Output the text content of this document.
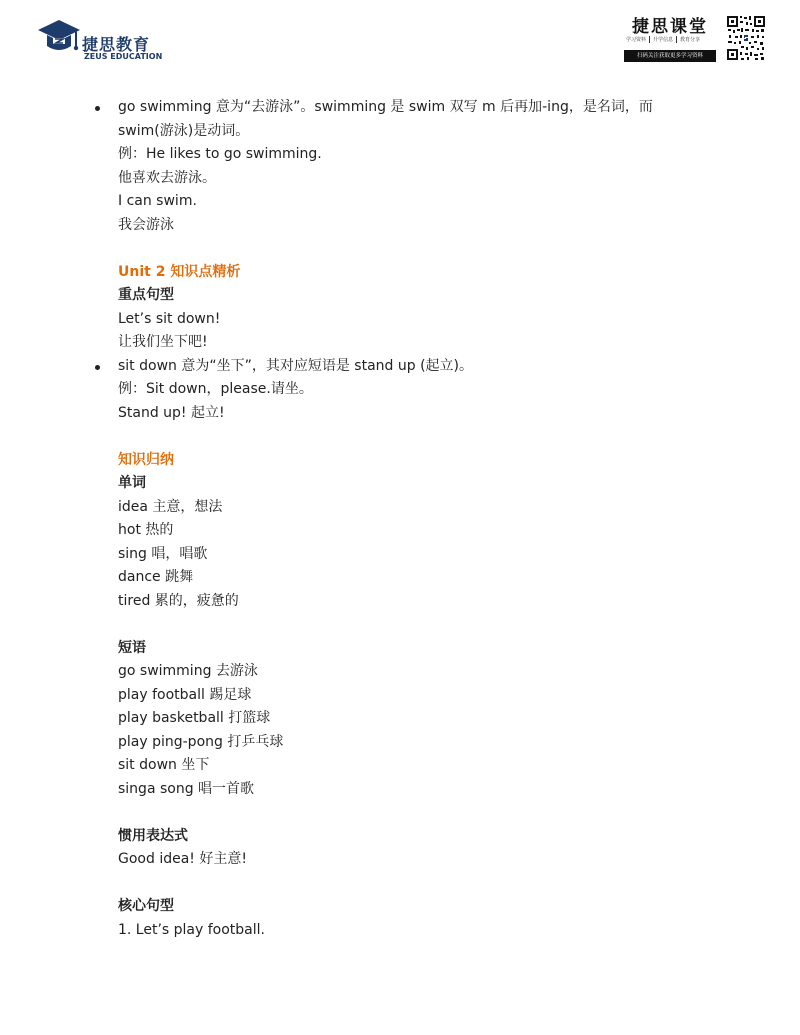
捷思教育
ZEUS EDUCATION
捷思课堂
学习资料	升学信息	教育分享
扫码关注获取更多学习资料
go swimming 意为“去游泳”。swimming 是 swim 双写 m 后再加-ing，是名词，而
swim(游泳)是动词。
例：He likes to go swimming.
他喜欢去游泳。
I can swim.
我会游泳
Unit 2 知识点精析
重点句型
Let’s sit down!
让我们坐下吧!
sit down 意为“坐下”，其对应短语是 stand up (起立)。
例：Sit down，please.请坐。
Stand up! 起立!
知识归纳
单词
idea 主意，想法
hot 热的
sing 唱，唱歌
dance 跳舞
tired 累的，疲惫的
短语
go swimming 去游泳
play football 踢足球
play basketball 打篮球
play ping-pong 打乒乓球
sit down 坐下
singa song 唱一首歌
惯用表达式
Good idea! 好主意!
核心句型
1. Let’s play football.
